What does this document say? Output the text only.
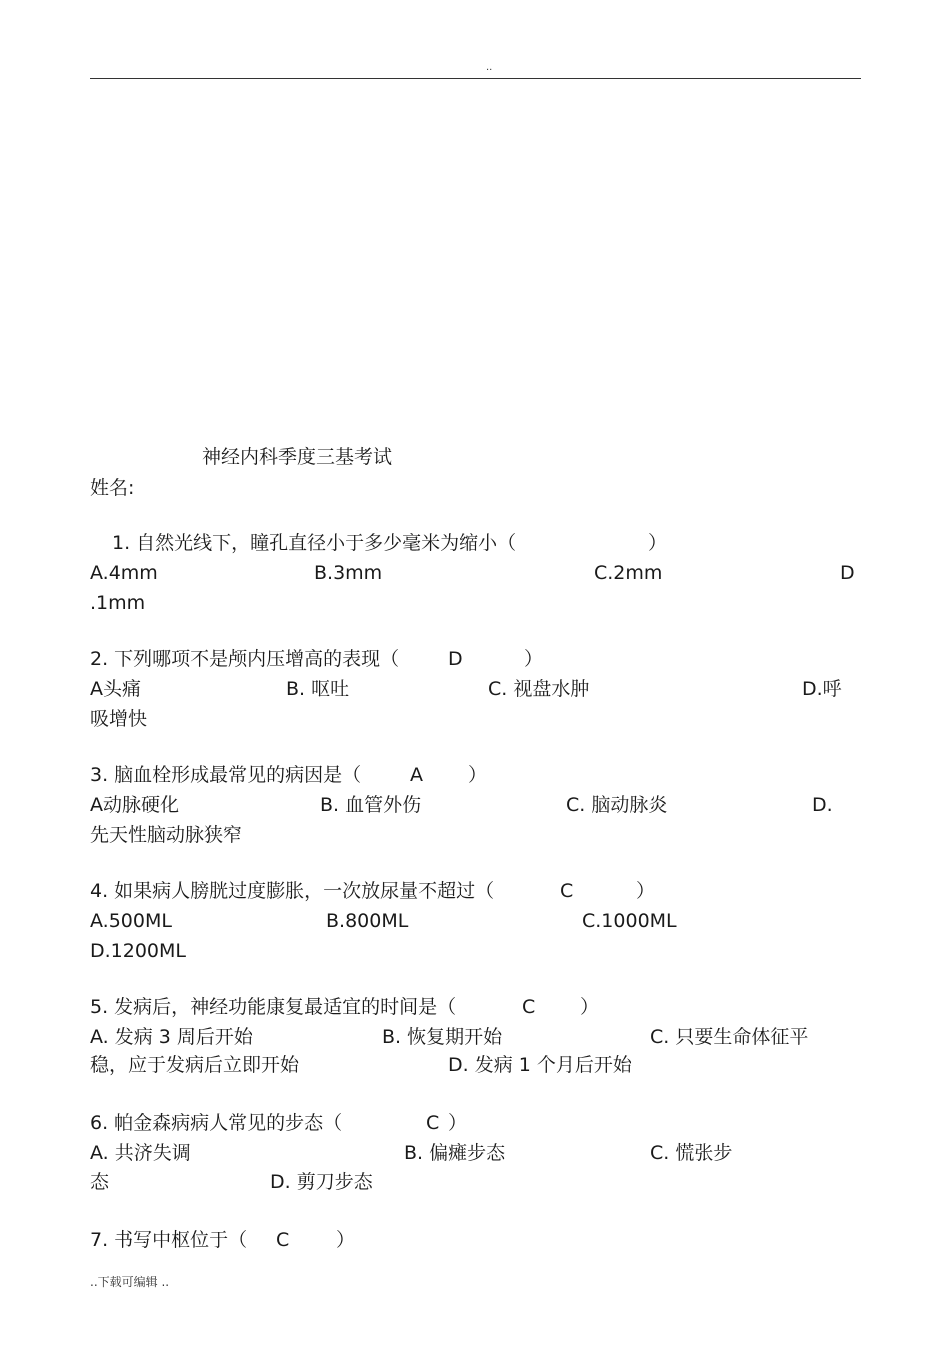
..
神经内科季度三基考试
姓名:
1. 自然光线下，瞳孔直径小于多少毫米为缩小（	）
A.4mm	B.3mm	C.2mm	D
.1mm
2. 下列哪项不是颅内压增高的表现（	D	）
A头痛	B. 呕吐	C. 视盘水肿	D.呼
吸增快
3. 脑血栓形成最常见的病因是（	A ）
A动脉硬化	B. 血管外伤	C. 脑动脉炎	D.
先天性脑动脉狭窄
4. 如果病人膀胱过度膨胀，一次放尿量不超过（	C	）
A.500ML	B.800ML	C.1000ML
D.1200ML
5. 发病后，神经功能康复最适宜的时间是（	C ）
A. 发病 3 周后开始	B. 恢复期开始	C. 只要生命体征平
稳，应于发病后立即开始	D. 发病 1 个月后开始
6. 帕金森病病人常见的步态（	C ）
A. 共济失调	B. 偏瘫步态	C. 慌张步
态	D. 剪刀步态
7. 书写中枢位于（ C ）
..下载可编辑 ..
